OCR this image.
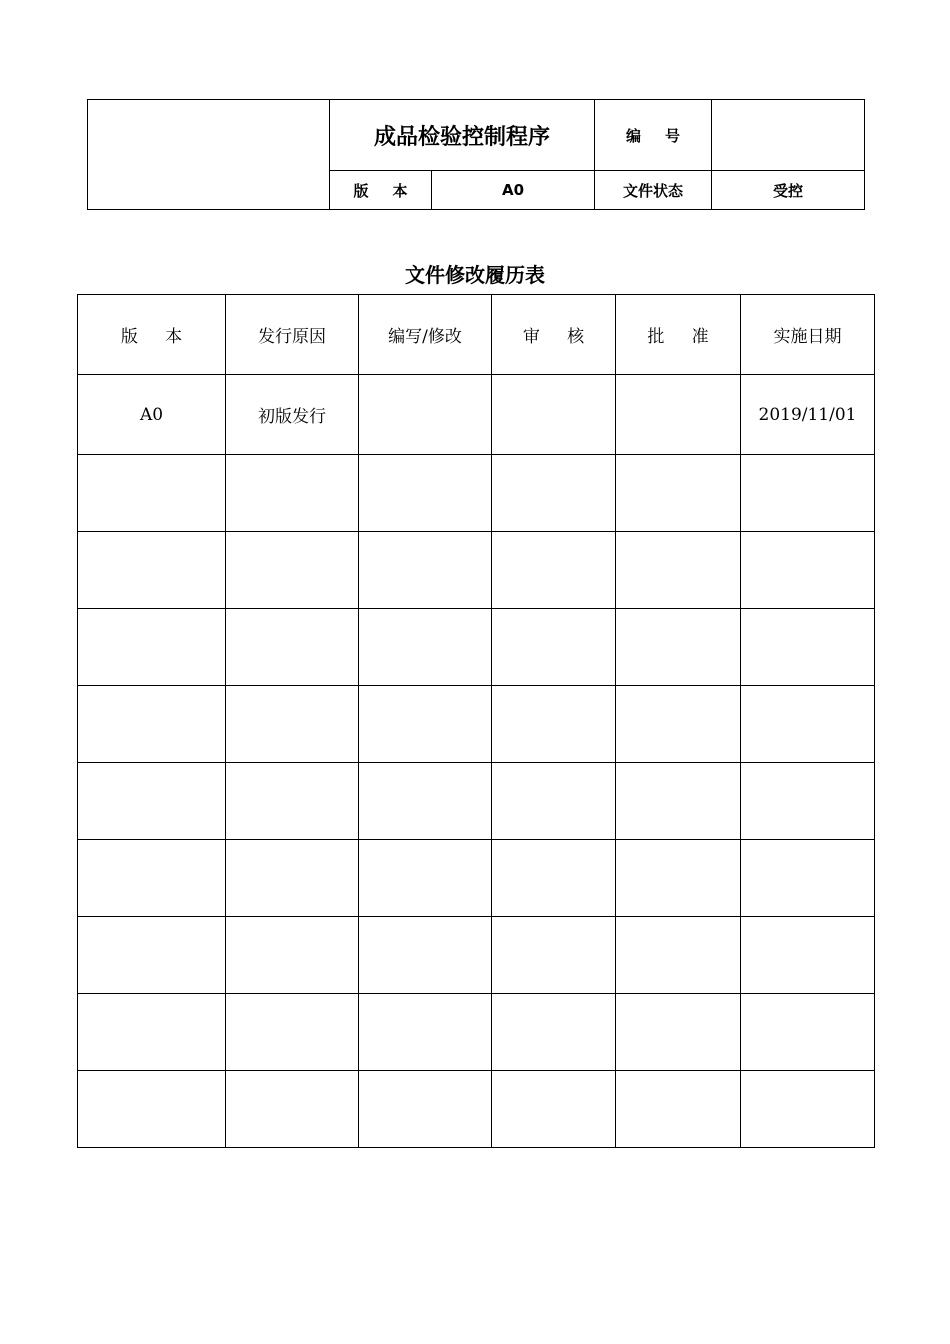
	成品检验控制程序		编 号	
	版 本	A0	文件状态	受控
文件修改履历表
版 本	发行原因	编写/修改	审 核	批 准	实施日期
A0	初版发行				2019/11/01
